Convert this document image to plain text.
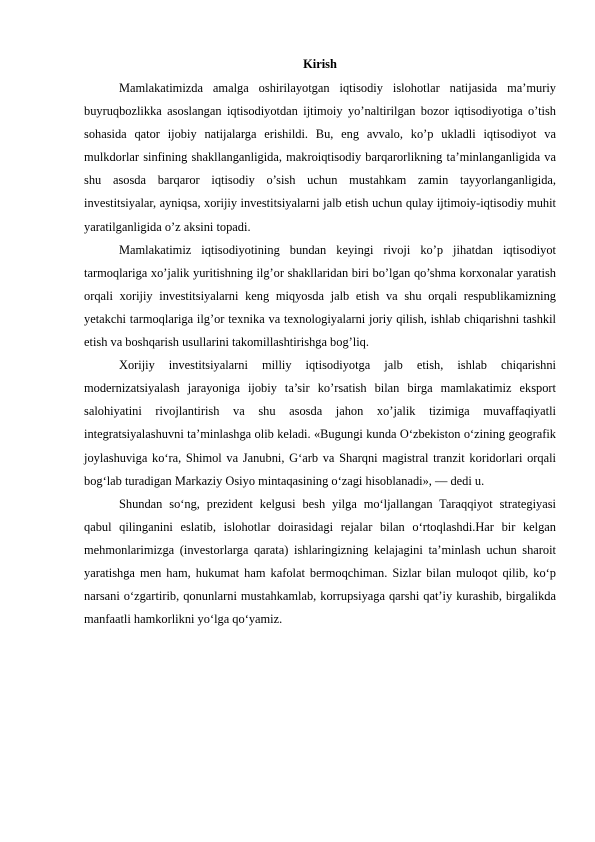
Kirish

Mamlakatimizda amalga oshirilayotgan iqtisodiy islohotlar natijasida ma’muriy buyruqbozlikka asoslangan iqtisodiyotdan ijtimoiy yo’naltirilgan bozor iqtisodiyotiga o’tish sohasida qator ijobiy natijalarga erishildi. Bu, eng avvalo, ko’p ukladli iqtisodiyot va mulkdorlar sinfining shakllanganligida, makroiqtisodiy barqarorlikning ta’minlanganligida va shu asosda barqaror iqtisodiy o’sish uchun mustahkam zamin tayyorlanganligida, investitsiyalar, ayniqsa, xorijiy investitsiyalarni jalb etish uchun qulay ijtimoiy-iqtisodiy muhit yaratilganligida o’z aksini topadi.

Mamlakatimiz iqtisodiyotining bundan keyingi rivoji ko’p jihatdan iqtisodiyot tarmoqlariga xo’jalik yuritishning ilg’or shakllaridan biri bo’lgan qo’shma korxonalar yaratish orqali xorijiy investitsiyalarni keng miqyosda jalb etish va shu orqali respublikamizning yetakchi tarmoqlariga ilg’or texnika va texnologiyalarni joriy qilish, ishlab chiqarishni tashkil etish va boshqarish usullarini takomillashtirishga bog’liq.

Xorijiy investitsiyalarni milliy iqtisodiyotga jalb etish, ishlab chiqarishni modernizatsiyalash jarayoniga ijobiy ta’sir ko’rsatish bilan birga mamlakatimiz eksport salohiyatini rivojlantirish va shu asosda jahon xo’jalik tizimiga muvaffaqiyatli integratsiyalashuvni ta’minlashga olib keladi. «Bugungi kunda O‘zbekiston o‘zining geografik joylashuviga ko‘ra, Shimol va Janubni, G‘arb va Sharqni magistral tranzit koridorlari orqali bog‘lab turadigan Markaziy Osiyo mintaqasining o‘zagi hisoblanadi», — dedi u.

Shundan so‘ng, prezident kelgusi besh yilga mo‘ljallangan Taraqqiyot strategiyasi qabul qilinganini eslatib, islohotlar doirasidagi rejalar bilan o‘rtoqlashdi.Har bir kelgan mehmonlarimizga (investorlarga qarata) ishlaringizning kelajagini ta’minlash uchun sharoit yaratishga men ham, hukumat ham kafolat bermoqchiman. Sizlar bilan muloqot qilib, ko‘p narsani o‘zgartirib, qonunlarni mustahkamlab, korrupsiyaga qarshi qat’iy kurashib, birgalikda manfaatli hamkorlikni yo‘lga qo‘yamiz.
